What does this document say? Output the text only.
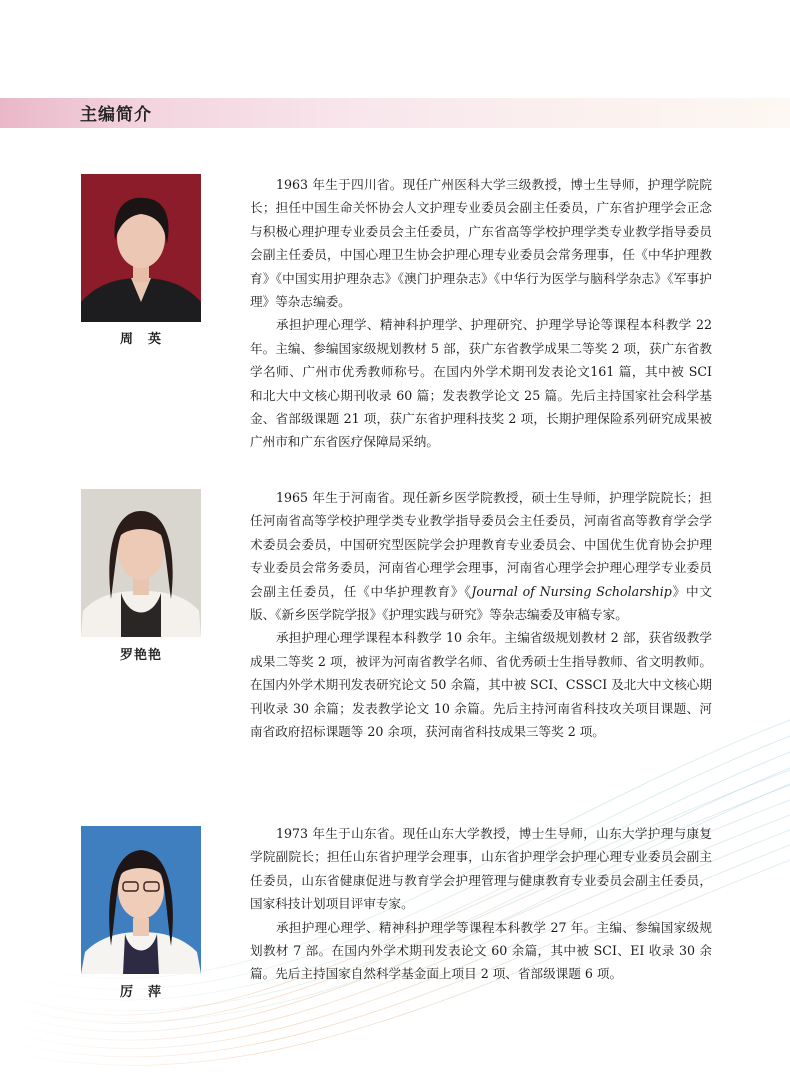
主编简介
周　英

1963 年生于四川省。现任广州医科大学三级教授，博士生导师，护理学院院长；担任中国生命关怀协会人文护理专业委员会副主任委员，广东省护理学会正念与积极心理护理专业委员会主任委员，广东省高等学校护理学类专业教学指导委员会副主任委员，中国心理卫生协会护理心理专业委员会常务理事，任《中华护理教育》《中国实用护理杂志》《澳门护理杂志》《中华行为医学与脑科学杂志》《军事护理》等杂志编委。

承担护理心理学、精神科护理学、护理研究、护理学导论等课程本科教学 22 年。主编、参编国家级规划教材 5 部，获广东省教学成果二等奖 2 项，获广东省教学名师、广州市优秀教师称号。在国内外学术期刊发表论文161 篇，其中被 SCI 和北大中文核心期刊收录 60 篇；发表教学论文 25 篇。先后主持国家社会科学基金、省部级课题 21 项，获广东省护理科技奖 2 项，长期护理保险系列研究成果被广州市和广东省医疗保障局采纳。

罗艳艳

1965 年生于河南省。现任新乡医学院教授，硕士生导师，护理学院院长；担任河南省高等学校护理学类专业教学指导委员会主任委员，河南省高等教育学会学术委员会委员，中国研究型医院学会护理教育专业委员会、中国优生优育协会护理专业委员会常务委员，河南省心理学会理事，河南省心理学会护理心理学专业委员会副主任委员，任《中华护理教育》《Journal of Nursing Scholarship》中文版、《新乡医学院学报》《护理实践与研究》等杂志编委及审稿专家。

承担护理心理学课程本科教学 10 余年。主编省级规划教材 2 部，获省级教学成果二等奖 2 项，被评为河南省教学名师、省优秀硕士生指导教师、省文明教师。在国内外学术期刊发表研究论文 50 余篇，其中被 SCI、CSSCI 及北大中文核心期刊收录 30 余篇；发表教学论文 10 余篇。先后主持河南省科技攻关项目课题、河南省政府招标课题等 20 余项，获河南省科技成果三等奖 2 项。

厉　萍

1973 年生于山东省。现任山东大学教授，博士生导师，山东大学护理与康复学院副院长；担任山东省护理学会理事，山东省护理学会护理心理专业委员会副主任委员，山东省健康促进与教育学会护理管理与健康教育专业委员会副主任委员，国家科技计划项目评审专家。

承担护理心理学、精神科护理学等课程本科教学 27 年。主编、参编国家级规划教材 7 部。在国内外学术期刊发表论文 60 余篇，其中被 SCI、EI 收录 30 余篇。先后主持国家自然科学基金面上项目 2 项、省部级课题 6 项。
